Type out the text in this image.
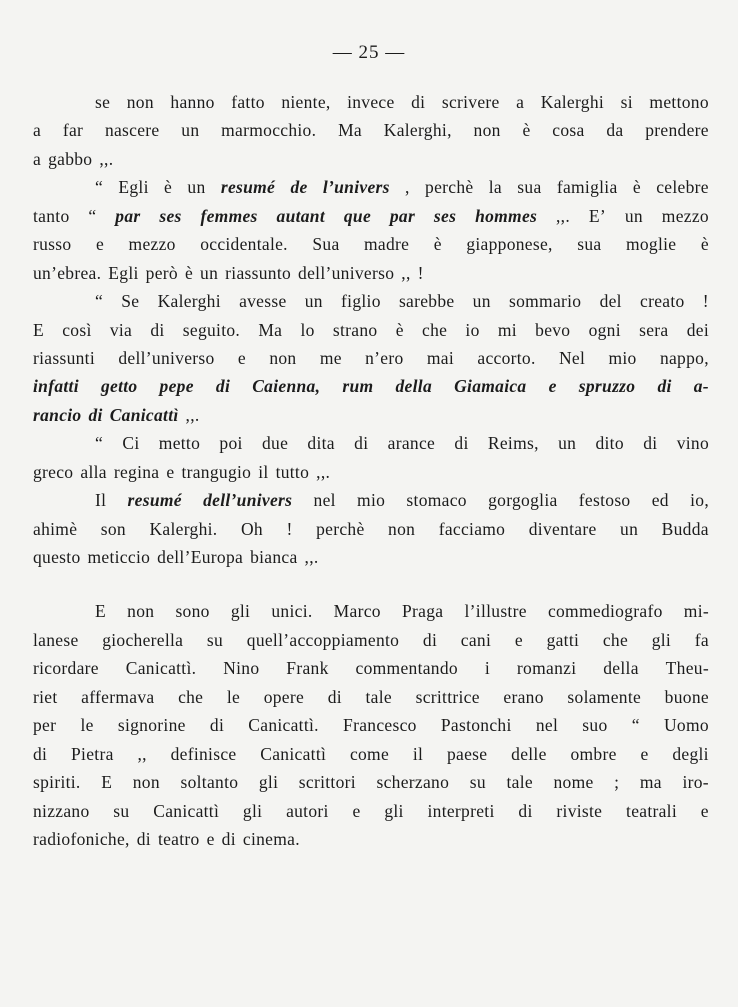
— 25 —
se non hanno fatto niente, invece di scrivere a Kalerghi si mettono
a far nascere un marmocchio. Ma Kalerghi, non è cosa da prendere
a gabbo ,,.
“ Egli è un resumé de l’univers , perchè la sua famiglia è celebre
tanto “ par ses femmes autant que par ses hommes ,,. E’ un mezzo
russo e mezzo occidentale. Sua madre è giapponese, sua moglie è
un’ebrea. Egli però è un riassunto dell’universo ,, !
“ Se Kalerghi avesse un figlio sarebbe un sommario del creato !
E così via di seguito. Ma lo strano è che io mi bevo ogni sera dei
riassunti dell’universo e non me n’ero mai accorto. Nel mio nappo,
infatti getto pepe di Caienna, rum della Giamaica e spruzzo di a-
rancio di Canicattì ,,.
“ Ci metto poi due dita di arance di Reims, un dito di vino
greco alla regina e trangugio il tutto ,,.
Il resumé dell’univers nel mio stomaco gorgoglia festoso ed io,
ahimè son Kalerghi. Oh ! perchè non facciamo diventare un Budda
questo meticcio dell’Europa bianca ,,.
E non sono gli unici. Marco Praga l’illustre commediografo mi-
lanese giocherella su quell’accoppiamento di cani e gatti che gli fa
ricordare Canicattì. Nino Frank commentando i romanzi della Theu-
riet affermava che le opere di tale scrittrice erano solamente buone
per le signorine di Canicattì. Francesco Pastonchi nel suo “ Uomo
di Pietra ,, definisce Canicattì come il paese delle ombre e degli
spiriti. E non soltanto gli scrittori scherzano su tale nome ; ma iro-
nizzano su Canicattì gli autori e gli interpreti di riviste teatrali e
radiofoniche, di teatro e di cinema.
